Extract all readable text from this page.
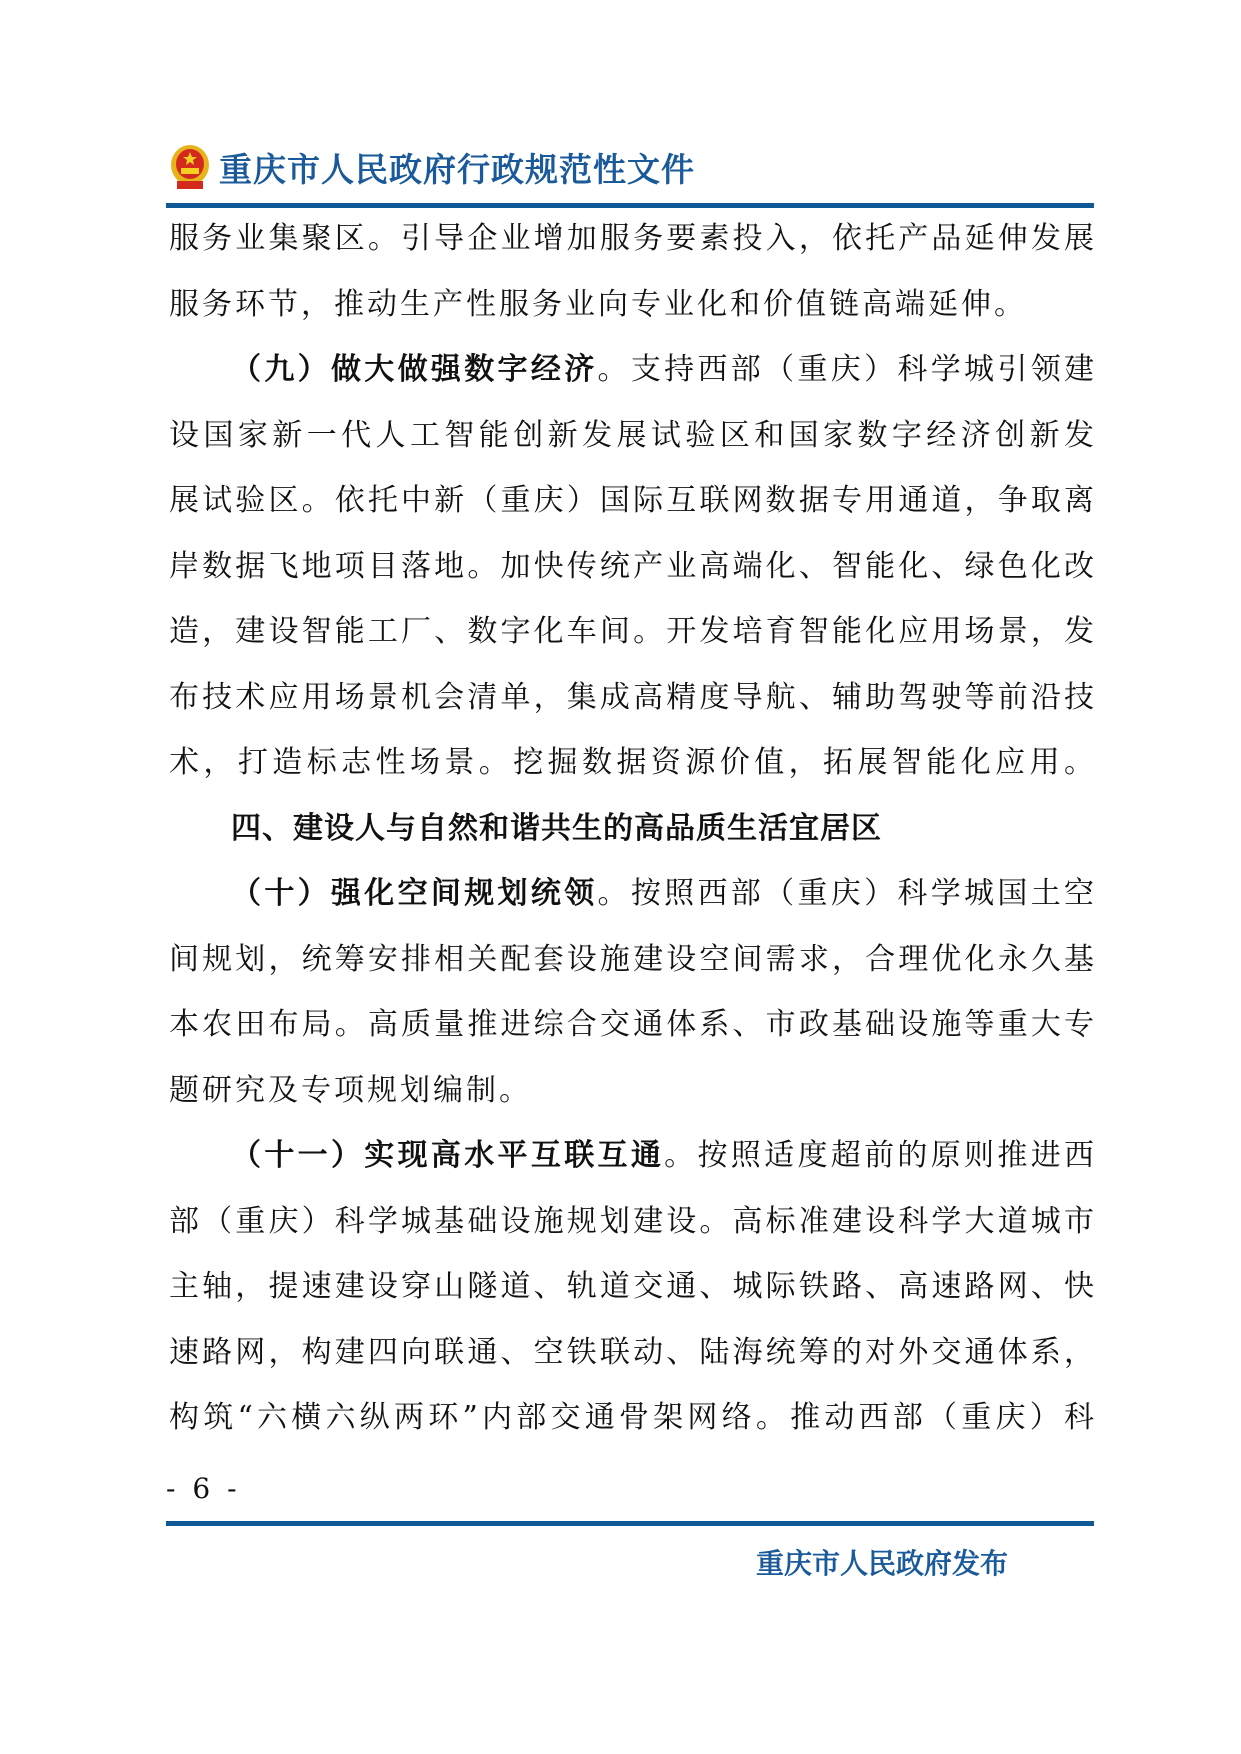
重庆市人民政府行政规范性文件
服务业集聚区。引导企业增加服务要素投入，依托产品延伸发展
服务环节，推动生产性服务业向专业化和价值链高端延伸。
（九）做大做强数字经济。支持西部（重庆）科学城引领建
设国家新一代人工智能创新发展试验区和国家数字经济创新发
展试验区。依托中新（重庆）国际互联网数据专用通道，争取离
岸数据飞地项目落地。加快传统产业高端化、智能化、绿色化改
造，建设智能工厂、数字化车间。开发培育智能化应用场景，发
布技术应用场景机会清单，集成高精度导航、辅助驾驶等前沿技
术，打造标志性场景。挖掘数据资源价值，拓展智能化应用。
四、建设人与自然和谐共生的高品质生活宜居区
（十）强化空间规划统领。按照西部（重庆）科学城国土空
间规划，统筹安排相关配套设施建设空间需求，合理优化永久基
本农田布局。高质量推进综合交通体系、市政基础设施等重大专
题研究及专项规划编制。
（十一）实现高水平互联互通。按照适度超前的原则推进西
部（重庆）科学城基础设施规划建设。高标准建设科学大道城市
主轴，提速建设穿山隧道、轨道交通、城际铁路、高速路网、快
速路网，构建四向联通、空铁联动、陆海统筹的对外交通体系，
构筑“六横六纵两环”内部交通骨架网络。推动西部（重庆）科
- 6 -
重庆市人民政府发布
